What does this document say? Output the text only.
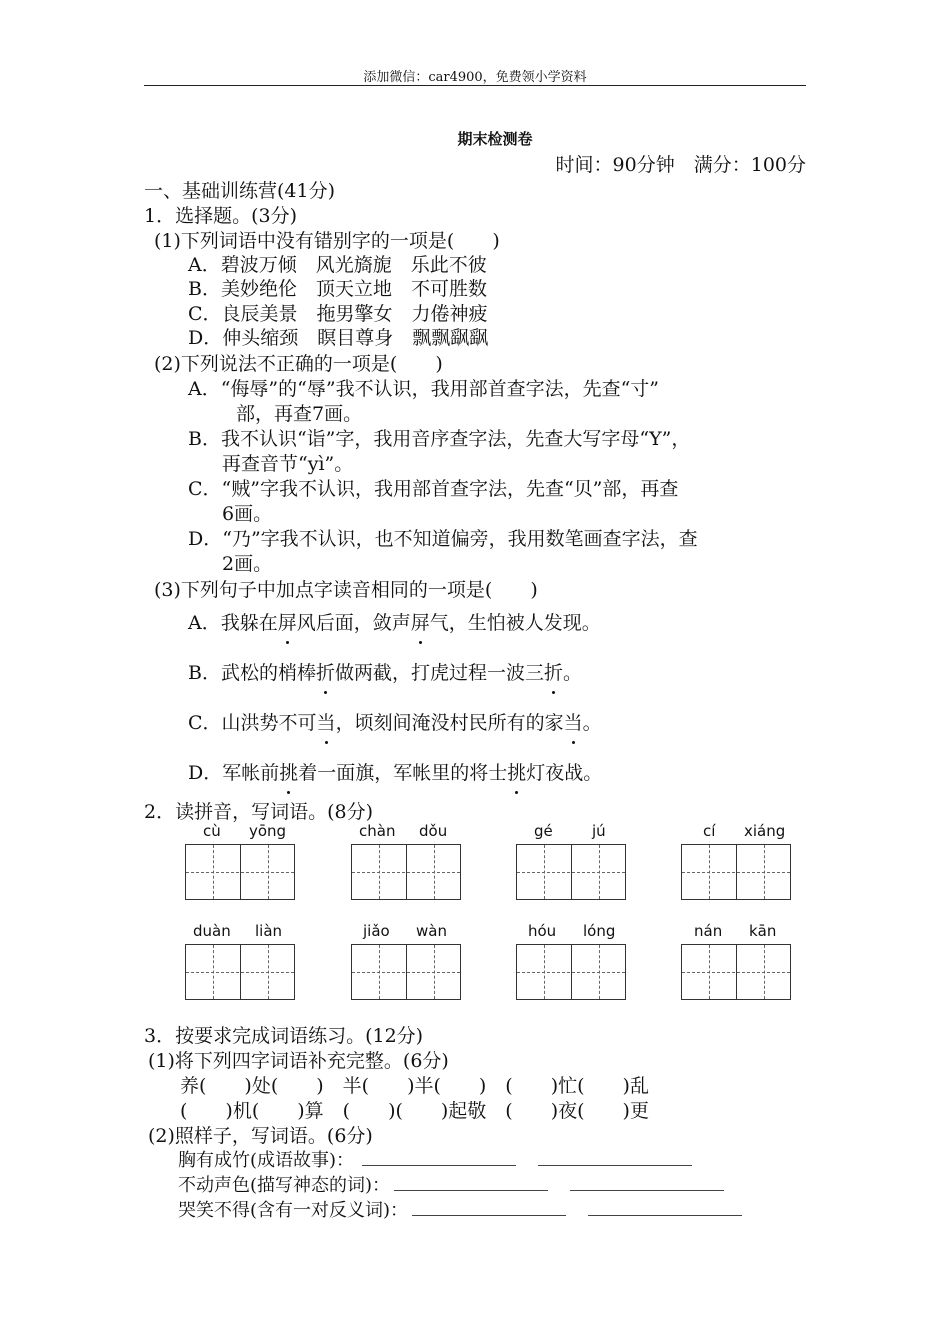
添加微信：car4900，免费领小学资料
期末检测卷
时间：90分钟　满分：100分
一、基础训练营(41分)
1．选择题。(3分)
(1)下列词语中没有错别字的一项是(　　)
A．碧波万倾　风光旖旎　乐此不彼
B．美妙绝伦　顶天立地　不可胜数
C．良辰美景　拖男擎女　力倦神疲
D．伸头缩颈　瞑目尊身　飘飘飖飖
(2)下列说法不正确的一项是(　　)
A．“侮辱”的“辱”我不认识，我用部首查字法，先查“寸”
部，再查7画。
B．我不认识“诣”字，我用音序查字法，先查大写字母“Y”，
再查音节“yì”。
C．“贼”字我不认识，我用部首查字法，先查“贝”部，再查
6画。
D．“乃”字我不认识，也不知道偏旁，我用数笔画查字法，查
2画。
(3)下列句子中加点字读音相同的一项是(　　)
A．我躲在屏风后面，敛声屏气，生怕被人发现。
B．武松的梢棒折做两截，打虎过程一波三折。
C．山洪势不可当，顷刻间淹没村民所有的家当。
D．军帐前挑着一面旗，军帐里的将士挑灯夜战。
2．读拼音，写词语。(8分)
cù yōng	chàn dǒu	gé	jú	cí xiáng
duàn liàn	jiǎo wàn	hóu lóng	nán kān
3．按要求完成词语练习。(12分)
(1)将下列四字词语补充完整。(6分)
养(　　)处(　　)　半(　　)半(　　)　(　　)忙(　　)乱
(　　)机(　　)算　(　　)(　　)起敬　(　　)夜(　　)更
(2)照样子，写词语。(6分)
胸有成竹(成语故事)：
不动声色(描写神态的词)：
哭笑不得(含有一对反义词)：
